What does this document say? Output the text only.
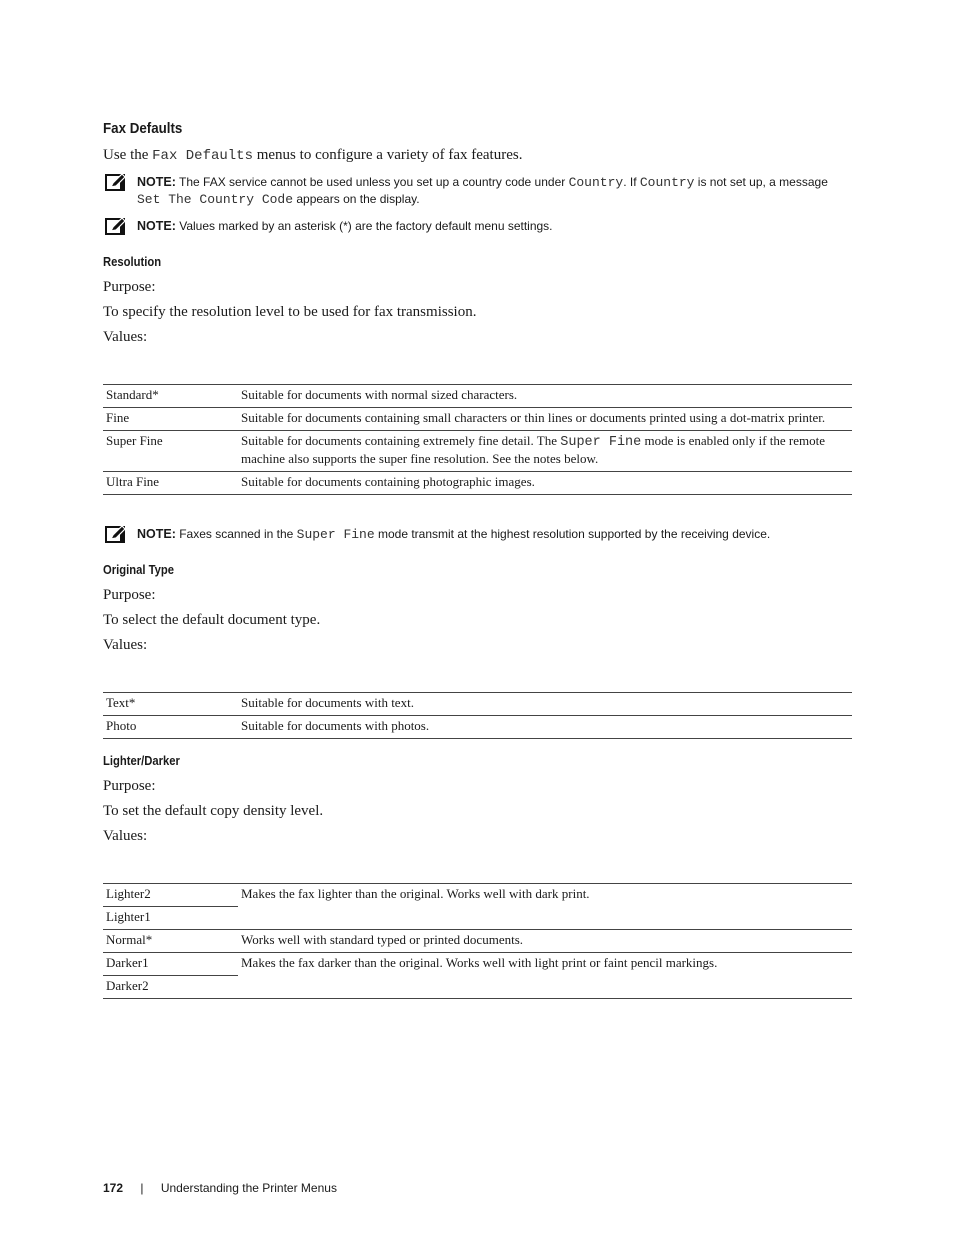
Fax Defaults
Use the Fax Defaults menus to configure a variety of fax features.
NOTE: The FAX service cannot be used unless you set up a country code under Country. If Country is not set up, a message Set The Country Code appears on the display.
NOTE: Values marked by an asterisk (*) are the factory default menu settings.
Resolution
Purpose:
To specify the resolution level to be used for fax transmission.
Values:
Standard*	Suitable for documents with normal sized characters.
Fine	Suitable for documents containing small characters or thin lines or documents printed using a dot-matrix printer.
Super Fine	Suitable for documents containing extremely fine detail. The Super Fine mode is enabled only if the remote machine also supports the super fine resolution. See the notes below.
Ultra Fine	Suitable for documents containing photographic images.
NOTE: Faxes scanned in the Super Fine mode transmit at the highest resolution supported by the receiving device.
Original Type
Purpose:
To select the default document type.
Values:
Text*	Suitable for documents with text.
Photo	Suitable for documents with photos.
Lighter/Darker
Purpose:
To set the default copy density level.
Values:
Lighter2	Makes the fax lighter than the original. Works well with dark print.
Lighter1	
Normal*	Works well with standard typed or printed documents.
Darker1	Makes the fax darker than the original. Works well with light print or faint pencil markings.
Darker2	
172 | Understanding the Printer Menus
